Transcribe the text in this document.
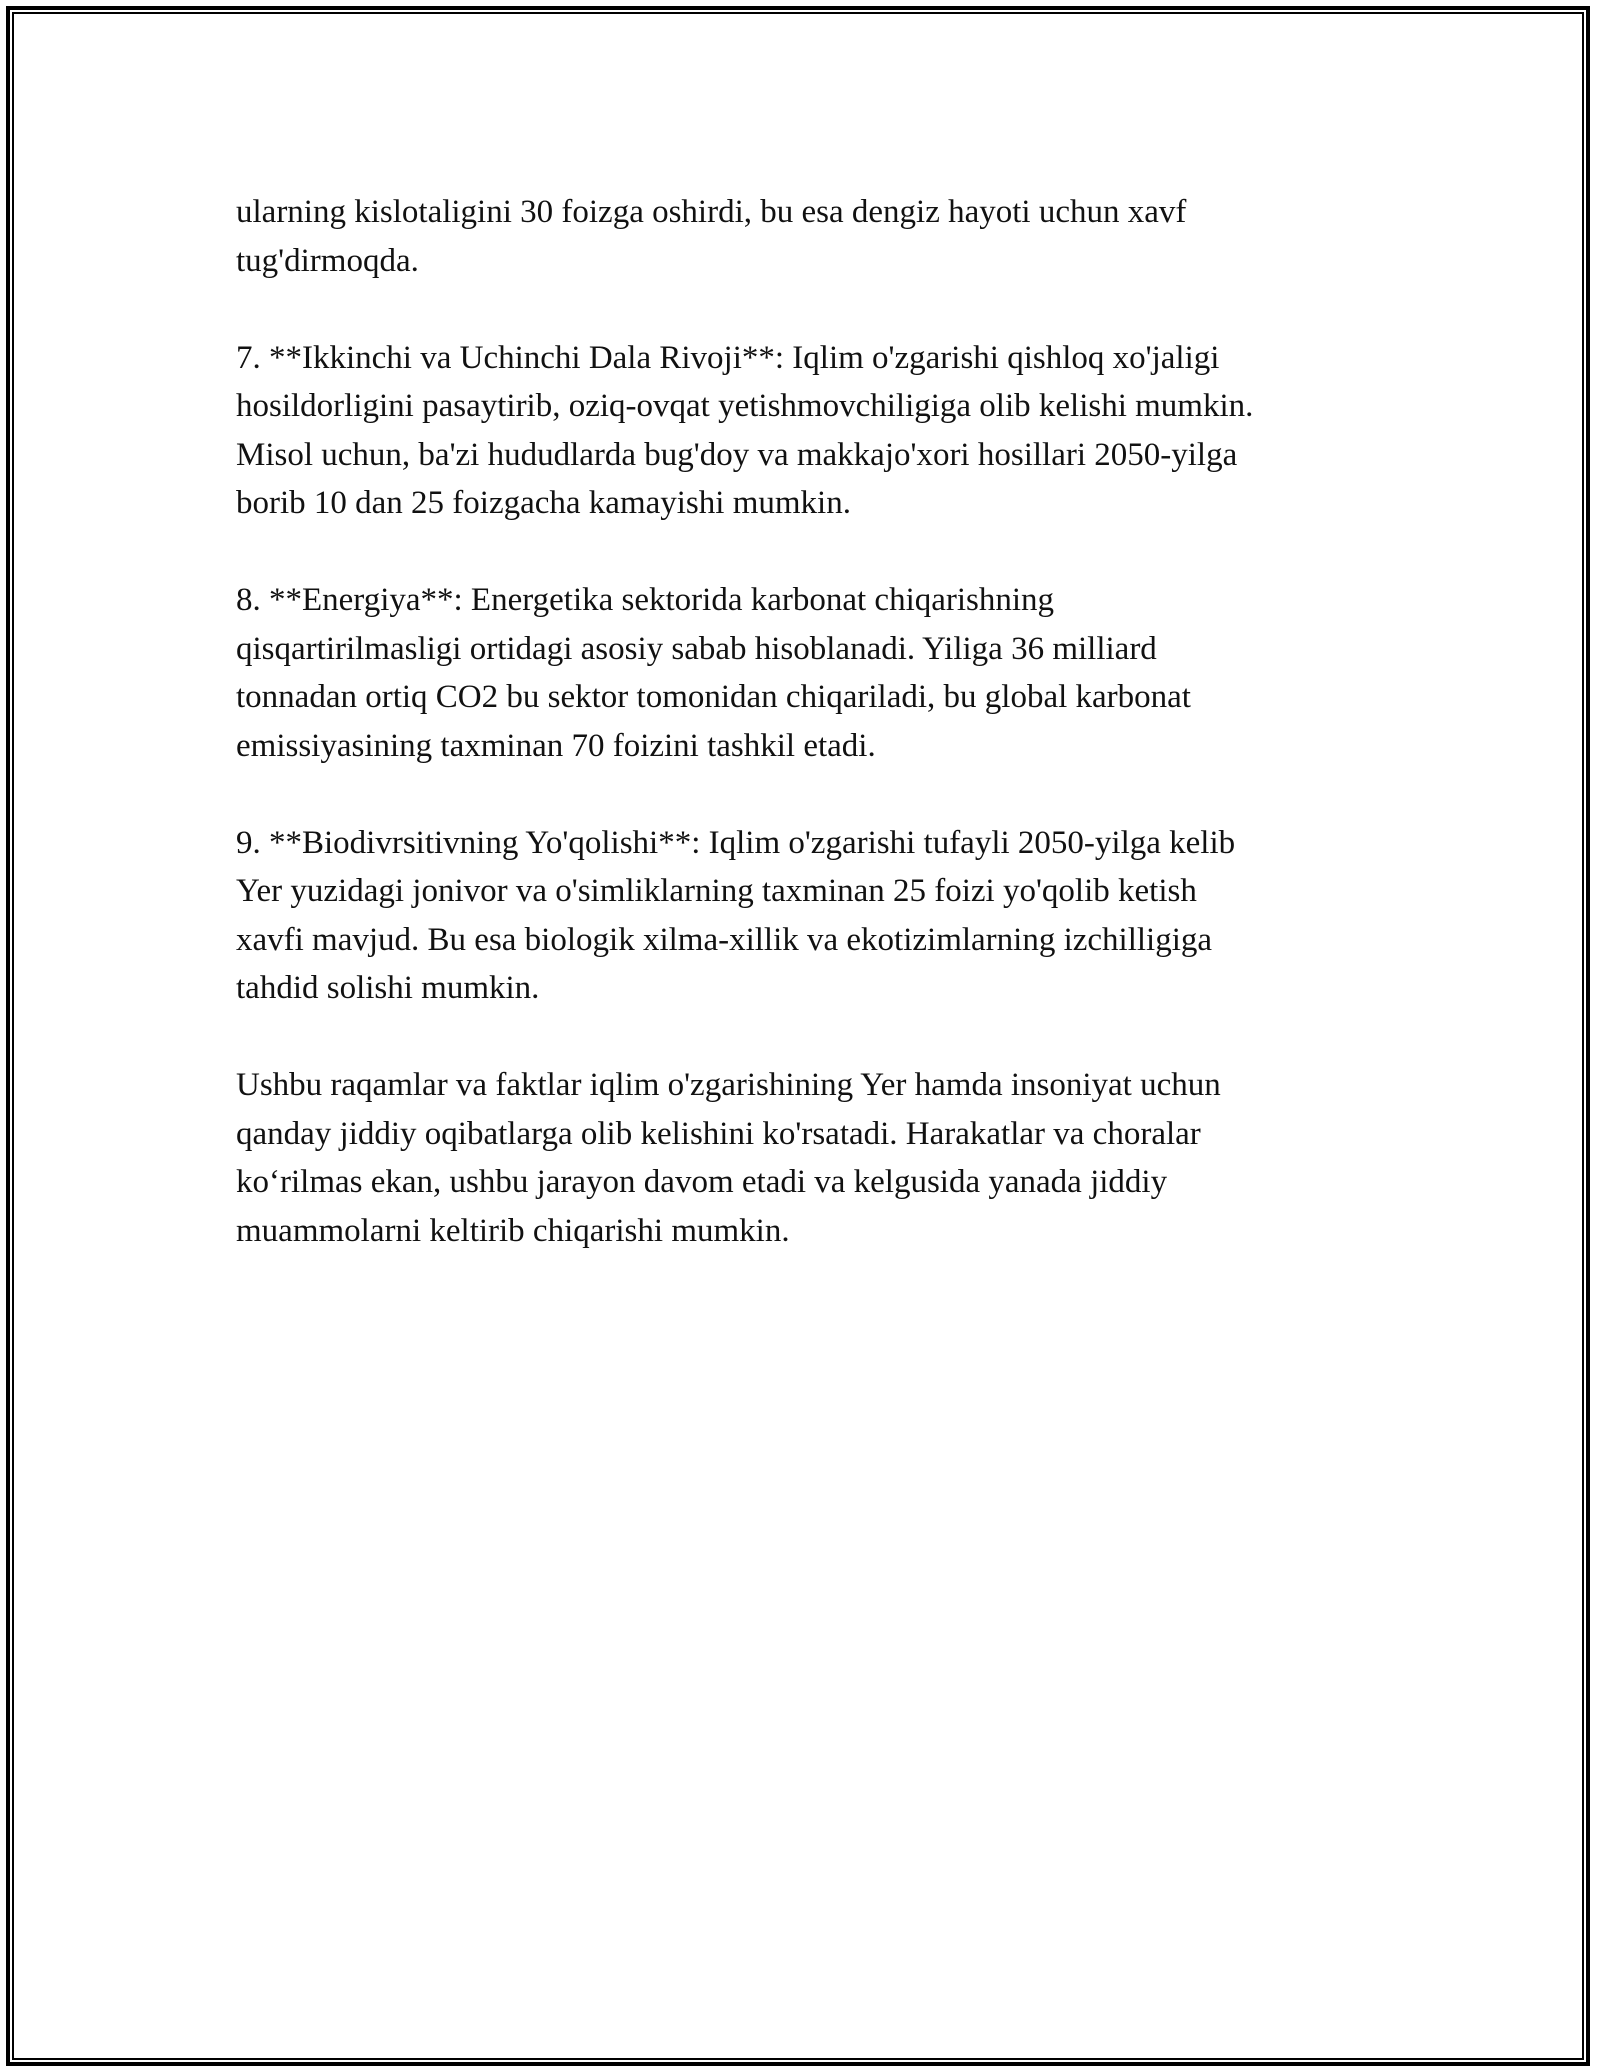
ularning kislotaligini 30 foizga oshirdi, bu esa dengiz hayoti uchun xavf
tug'dirmoqda.

7. **Ikkinchi va Uchinchi Dala Rivoji**: Iqlim o'zgarishi qishloq xo'jaligi
hosildorligini pasaytirib, oziq-ovqat yetishmovchiligiga olib kelishi mumkin.
Misol uchun, ba'zi hududlarda bug'doy va makkajo'xori hosillari 2050-yilga
borib 10 dan 25 foizgacha kamayishi mumkin.

8. **Energiya**: Energetika sektorida karbonat chiqarishning
qisqartirilmasligi ortidagi asosiy sabab hisoblanadi. Yiliga 36 milliard
tonnadan ortiq CO2 bu sektor tomonidan chiqariladi, bu global karbonat
emissiyasining taxminan 70 foizini tashkil etadi.

9. **Biodivrsitivning Yo'qolishi**: Iqlim o'zgarishi tufayli 2050-yilga kelib
Yer yuzidagi jonivor va o'simliklarning taxminan 25 foizi yo'qolib ketish
xavfi mavjud. Bu esa biologik xilma-xillik va ekotizimlarning izchilligiga
tahdid solishi mumkin.

Ushbu raqamlar va faktlar iqlim o'zgarishining Yer hamda insoniyat uchun
qanday jiddiy oqibatlarga olib kelishini ko'rsatadi. Harakatlar va choralar
ko‘rilmas ekan, ushbu jarayon davom etadi va kelgusida yanada jiddiy
muammolarni keltirib chiqarishi mumkin.
